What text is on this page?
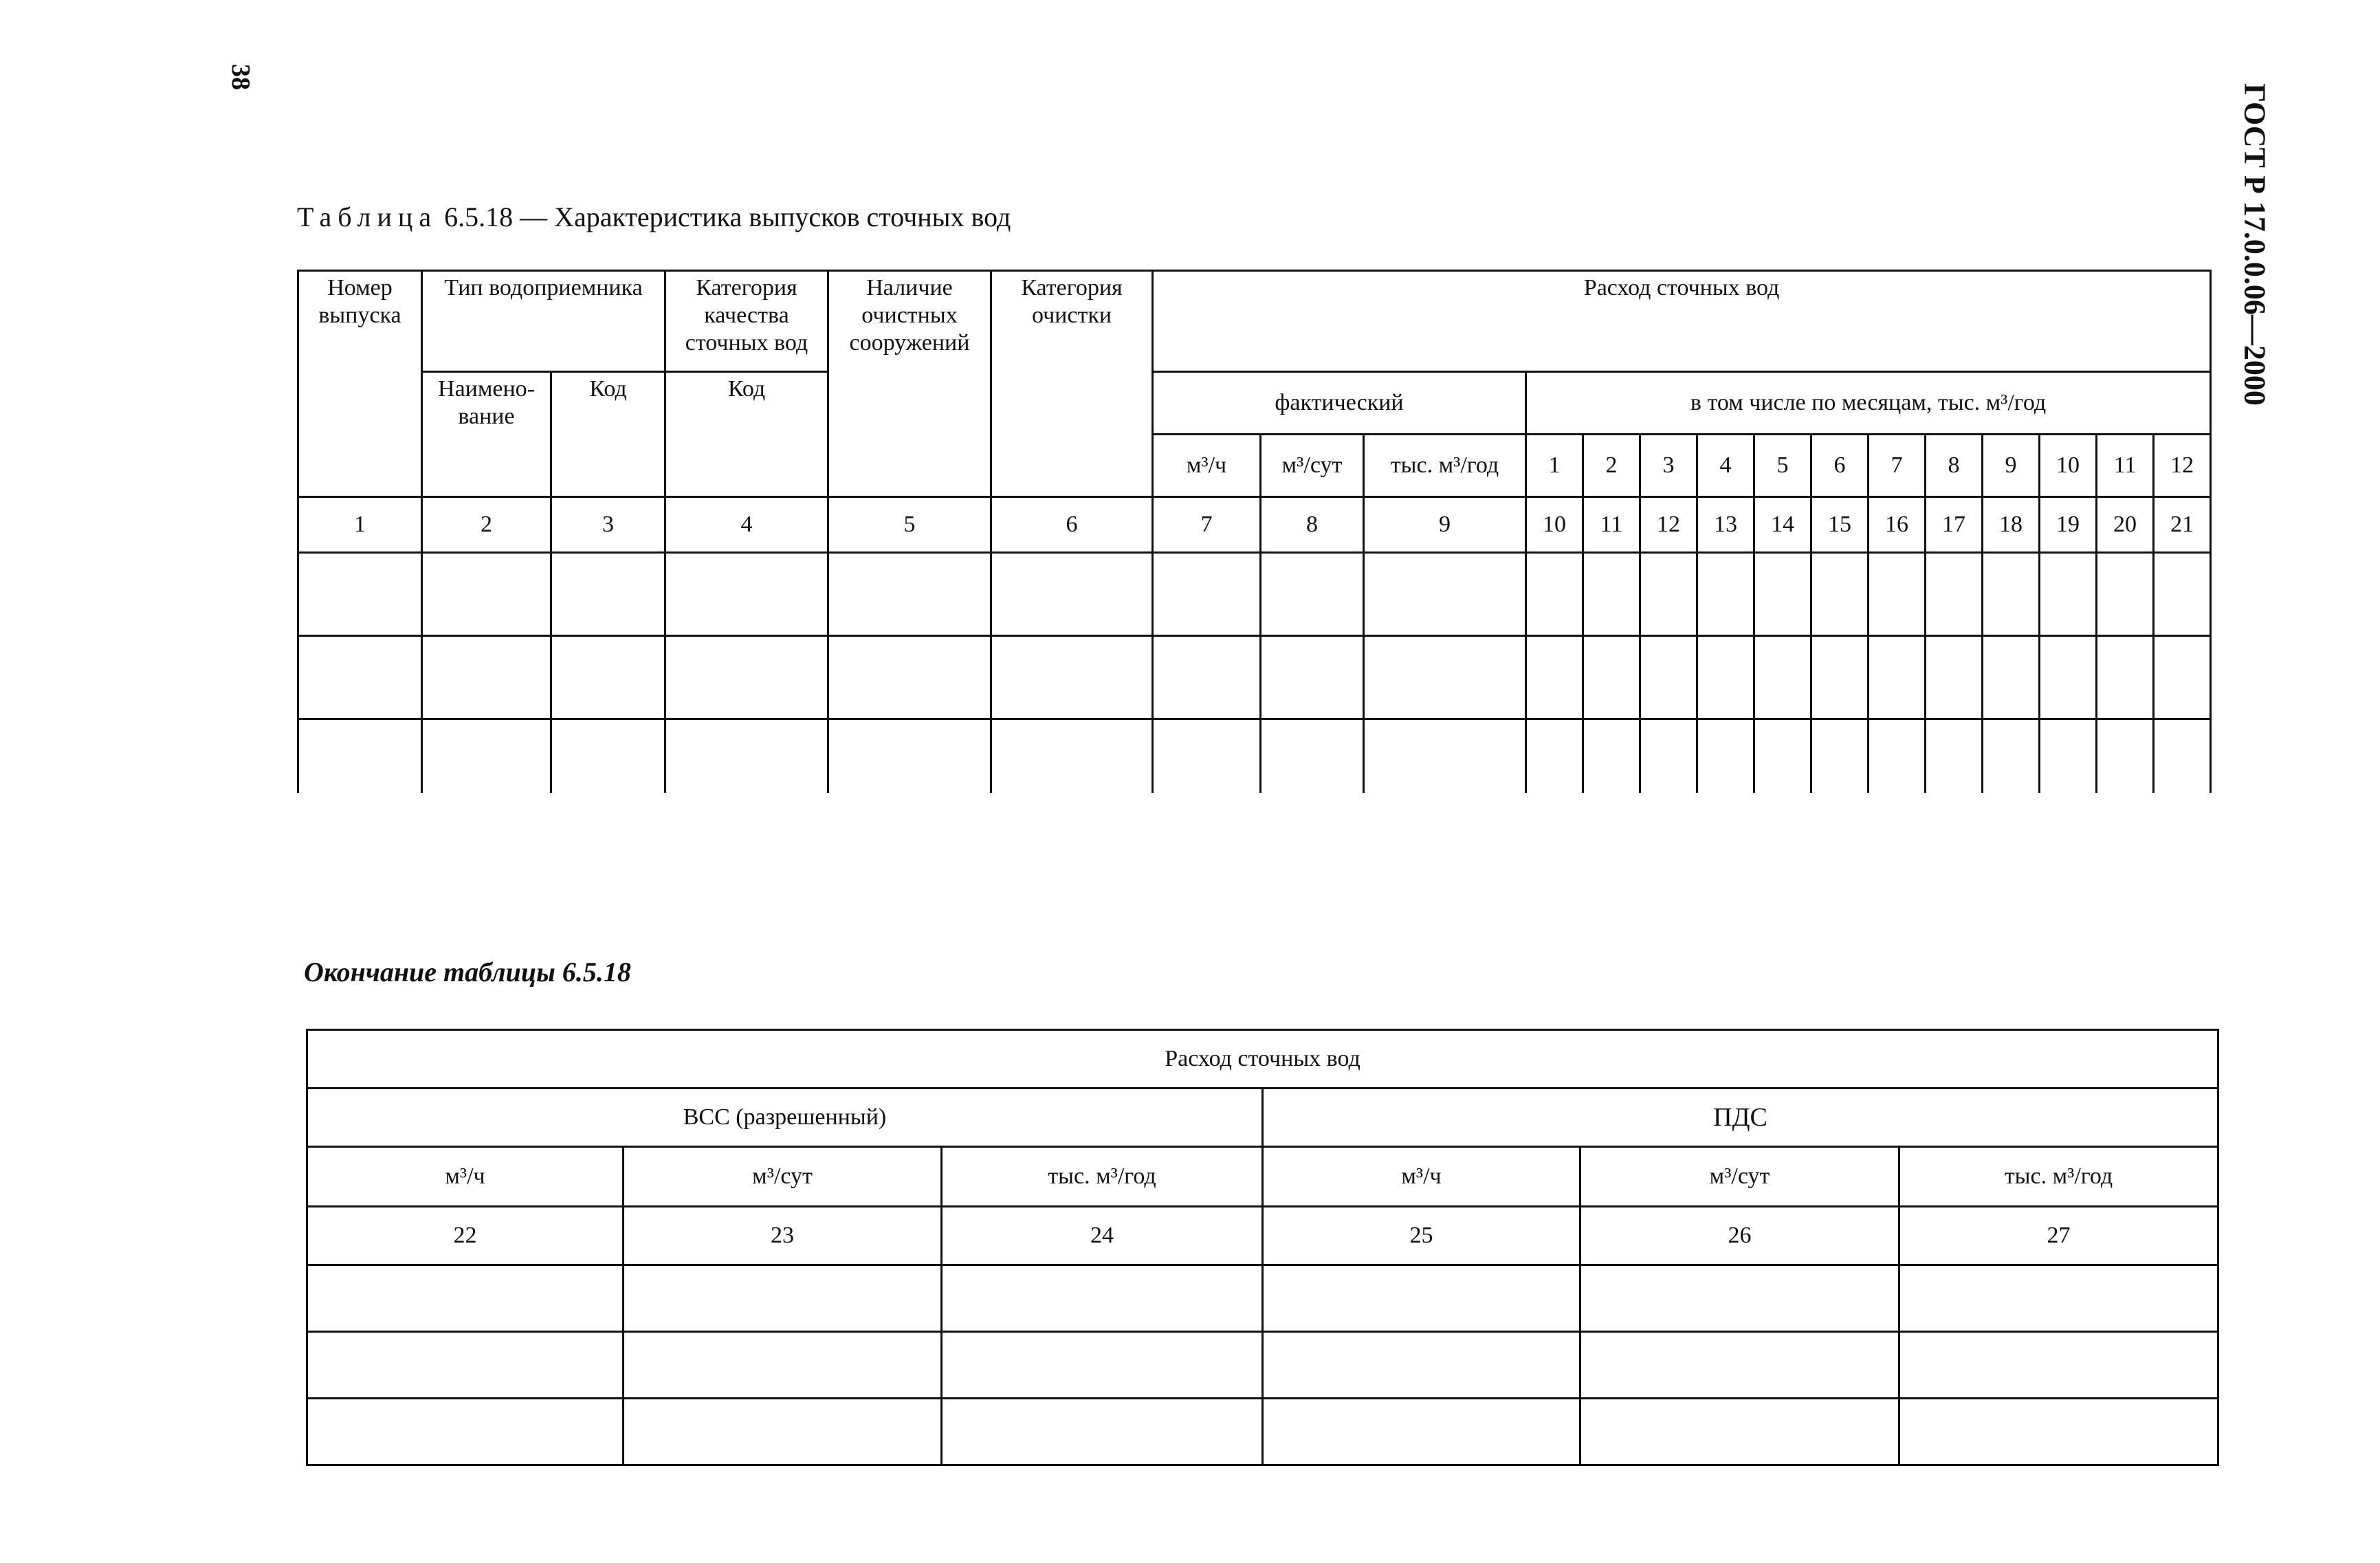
38
ГОСТ Р 17.0.0.06—2000
Таблица 6.5.18 — Характеристика выпусков сточных вод
Номер выпуска	Тип водоприемника		Категория качества сточных вод	Наличие очистных сооружений	Категория очистки	Расход сточных вод														
	Наимено-вание	Код	Код			фактический			в том числе по месяцам, тыс. м³/год											
						м³/ч	м³/сут	тыс. м³/год	1	2	3	4	5	6	7	8	9	10	11	12
1	2	3	4	5	6	7	8	9	10	11	12	13	14	15	16	17	18	19	20	21

Окончание таблицы 6.5.18
Расход сточных вод					
ВСС (разрешенный)			ПДС		
м³/ч	м³/сут	тыс. м³/год	м³/ч	м³/сут	тыс. м³/год
22	23	24	25	26	27
